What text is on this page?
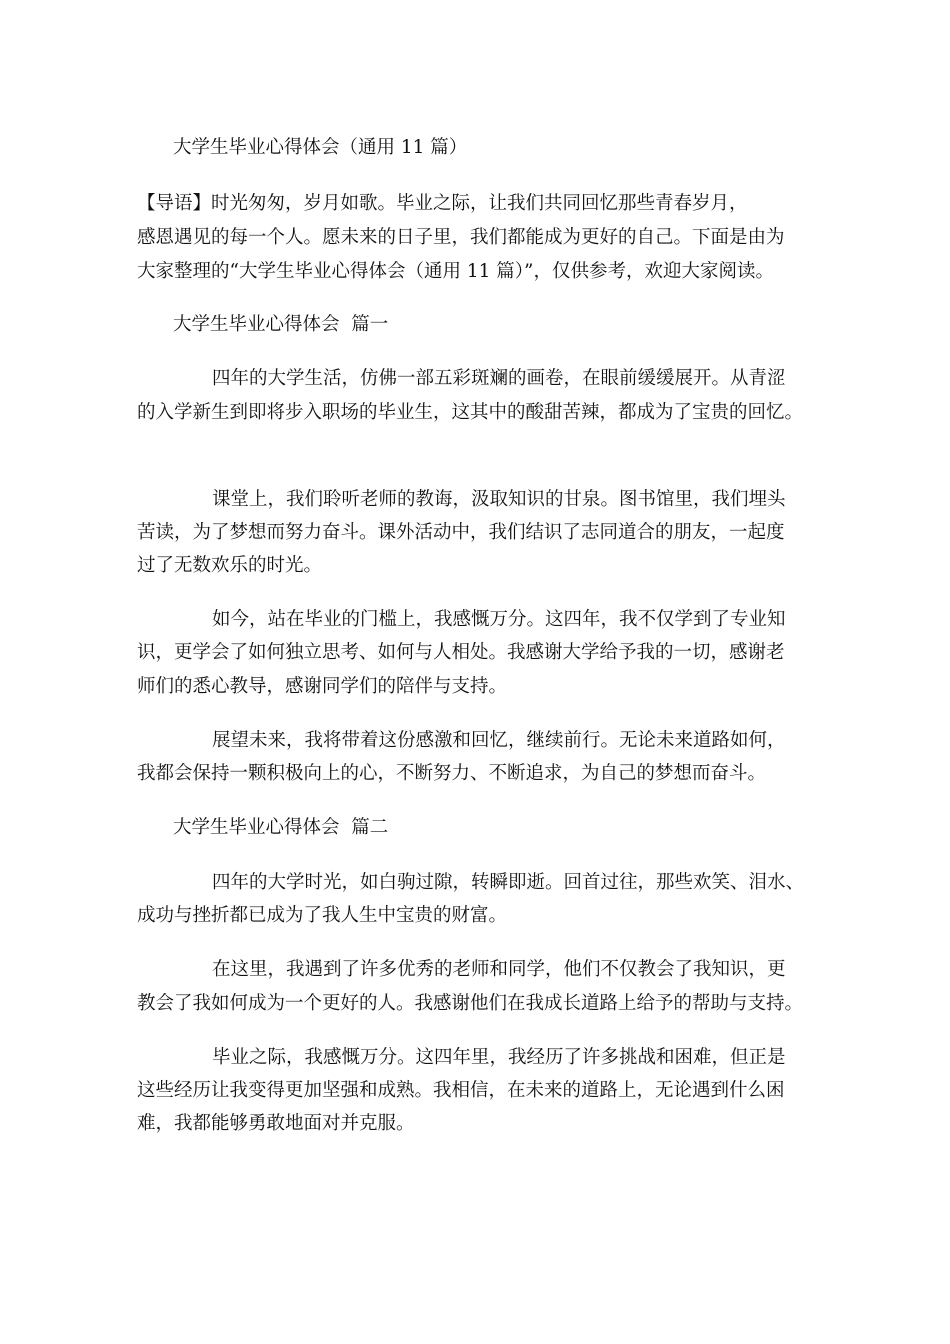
大学生毕业心得体会（通用 11 篇）
【导语】时光匆匆，岁月如歌。毕业之际，让我们共同回忆那些青春岁月，
感恩遇见的每一个人。愿未来的日子里，我们都能成为更好的自己。下面是由为
大家整理的“大学生毕业心得体会（通用 11 篇）”，仅供参考，欢迎大家阅读。
大学生毕业心得体会  篇一
四年的大学生活，仿佛一部五彩斑斓的画卷，在眼前缓缓展开。从青涩
的入学新生到即将步入职场的毕业生，这其中的酸甜苦辣，都成为了宝贵的回忆。
课堂上，我们聆听老师的教诲，汲取知识的甘泉。图书馆里，我们埋头
苦读，为了梦想而努力奋斗。课外活动中，我们结识了志同道合的朋友，一起度
过了无数欢乐的时光。
如今，站在毕业的门槛上，我感慨万分。这四年，我不仅学到了专业知
识，更学会了如何独立思考、如何与人相处。我感谢大学给予我的一切，感谢老
师们的悉心教导，感谢同学们的陪伴与支持。
展望未来，我将带着这份感激和回忆，继续前行。无论未来道路如何，
我都会保持一颗积极向上的心，不断努力、不断追求，为自己的梦想而奋斗。
大学生毕业心得体会  篇二
四年的大学时光，如白驹过隙，转瞬即逝。回首过往，那些欢笑、泪水、
成功与挫折都已成为了我人生中宝贵的财富。
在这里，我遇到了许多优秀的老师和同学，他们不仅教会了我知识，更
教会了我如何成为一个更好的人。我感谢他们在我成长道路上给予的帮助与支持。
毕业之际，我感慨万分。这四年里，我经历了许多挑战和困难，但正是
这些经历让我变得更加坚强和成熟。我相信，在未来的道路上，无论遇到什么困
难，我都能够勇敢地面对并克服。
